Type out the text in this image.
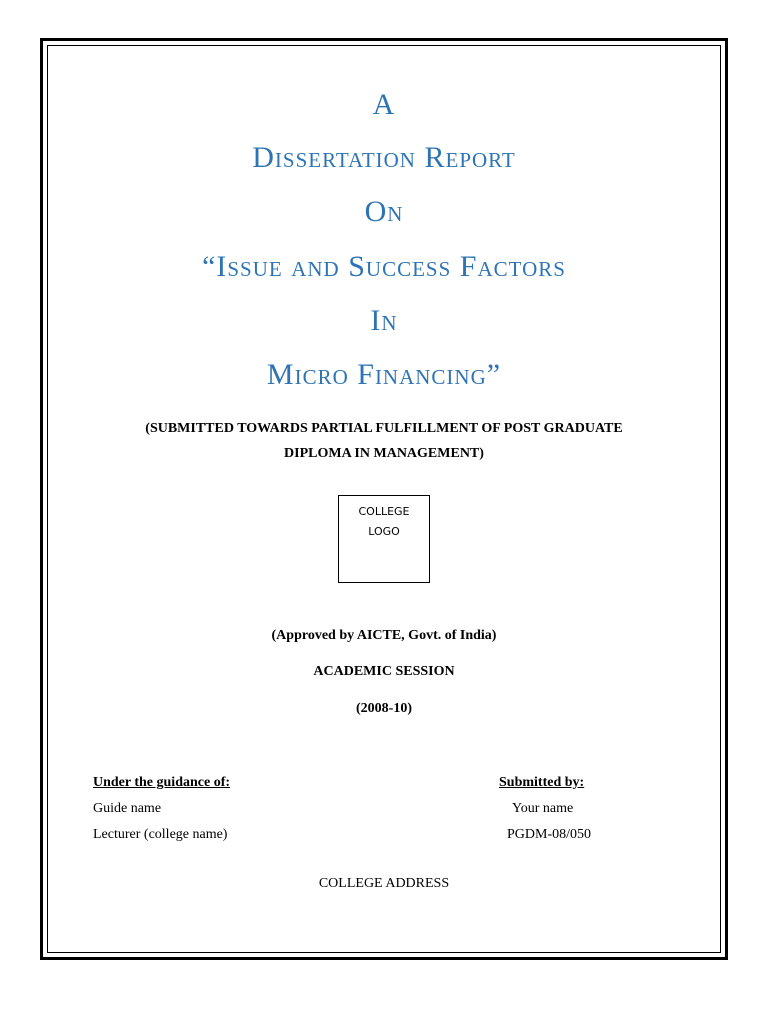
A
Dissertation Report
On
“Issue and Success Factors
In
Micro Financing”
(SUBMITTED TOWARDS PARTIAL FULFILLMENT OF POST GRADUATE
DIPLOMA IN MANAGEMENT)
COLLEGE
LOGO
(Approved by AICTE, Govt. of India)
ACADEMIC SESSION
(2008-10)
Under the guidance of:
Guide name
Lecturer (college name)
Submitted by:
Your name
PGDM-08/050
COLLEGE ADDRESS
